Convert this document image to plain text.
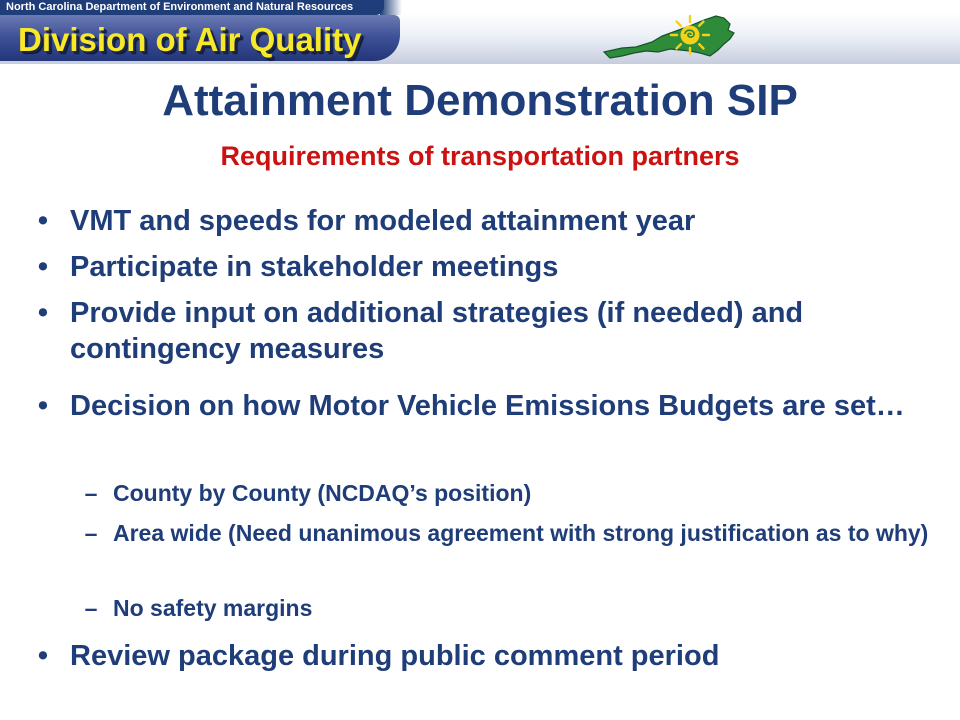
North Carolina Department of Environment and Natural Resources
Division of Air Quality
Attainment Demonstration SIP
Requirements of transportation partners
• VMT and speeds for modeled attainment year
• Participate in stakeholder meetings
• Provide input on additional strategies (if needed) and contingency measures
• Decision on how Motor Vehicle Emissions Budgets are set…
– County by County (NCDAQ’s position)
– Area wide (Need unanimous agreement with strong justification as to why)
– No safety margins
• Review package during public comment period
